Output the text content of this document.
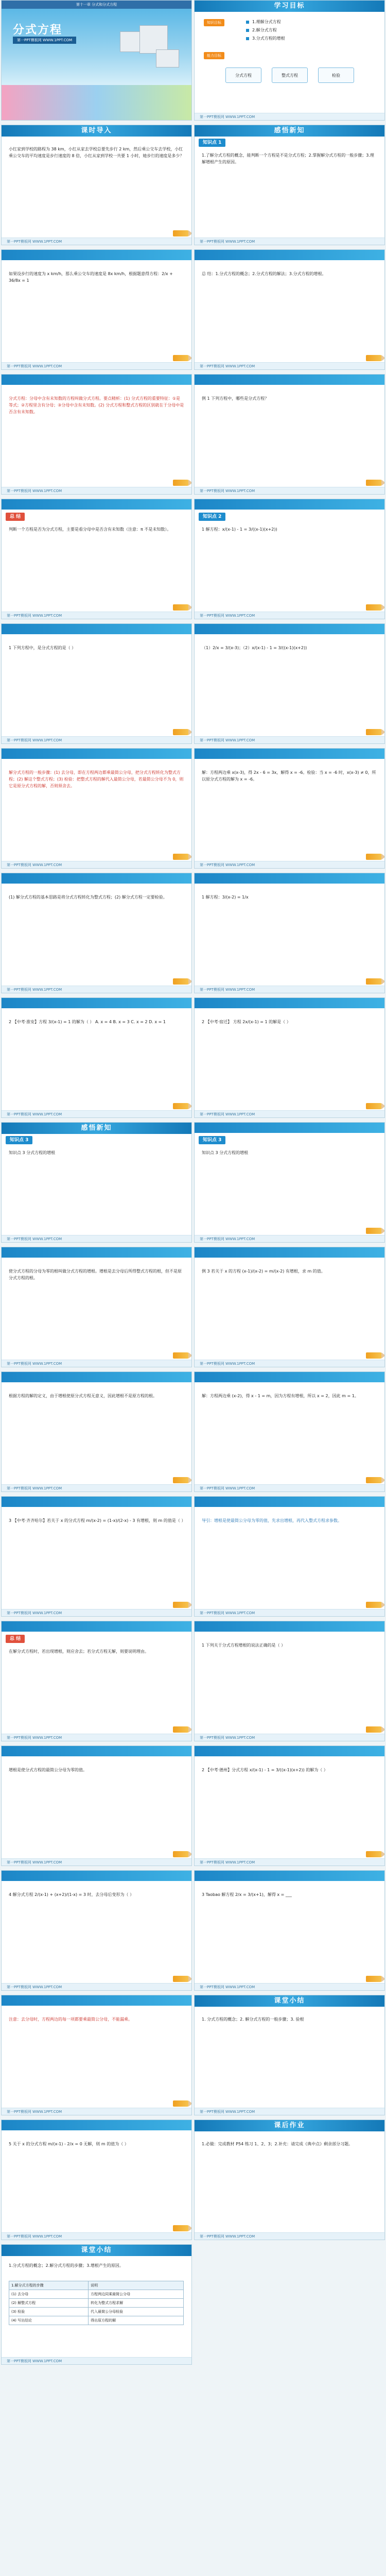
第十一章 分式和分式方程
分式方程
第一PPT模板网 WWW.1PPT.COM
课时导入
小红家到学校的路程为 38 km，小红从家去学校总要先步行 2 km，然后乘公交车去学校，小红乘公交车的平均速度是步行速度的 8 倍，小红从家到学校一共要 1 小时，她步行的速度是多少？
第一PPT模板网 WWW.1PPT.COM
如果设步行的速度为 x km/h，那么乘公交车的速度是 8x km/h，根据题意得方程：2/x + 36/8x = 1
第一PPT模板网 WWW.1PPT.COM
分式方程：分母中含有未知数的方程叫做分式方程。要点精析：(1) 分式方程的重要特征：①是等式；②方程里含有分母；③分母中含有未知数。(2) 分式方程和整式方程的区别就在于分母中是否含有未知数。
第一PPT模板网 WWW.1PPT.COM
总 结
判断一个方程是否为分式方程，主要是看分母中是否含有未知数（注意：π 不是未知数）。
第一PPT模板网 WWW.1PPT.COM
1 下列方程中，是分式方程的是（ ）
第一PPT模板网 WWW.1PPT.COM
解分式方程的一般步骤：(1) 去分母，即在方程两边都乘最简公分母，把分式方程转化为整式方程；(2) 解这个整式方程；(3) 检验：把整式方程的解代入最简公分母，若最简公分母不为 0，则它是原分式方程的解，否则须舍去。
第一PPT模板网 WWW.1PPT.COM
(1) 解分式方程的基本思路是将分式方程转化为整式方程；(2) 解分式方程一定要检验。
第一PPT模板网 WWW.1PPT.COM
2 【中考·淮安】方程 3/(x-1) = 1 的解为（ ） A. x = 4 B. x = 3 C. x = 2 D. x = 1
第一PPT模板网 WWW.1PPT.COM
感悟新知
知识点 3
知识点 3 分式方程的增根
第一PPT模板网 WWW.1PPT.COM
使分式方程的分母为零的根叫做分式方程的增根。增根是去分母后所得整式方程的根，但不是原分式方程的根。
第一PPT模板网 WWW.1PPT.COM
根据方程的解的定义，由于增根使原分式方程无意义，因此增根不是原方程的根。
第一PPT模板网 WWW.1PPT.COM
3 【中考·齐齐哈尔】若关于 x 的分式方程 m/(x-2) = (1-x)/(2-x) - 3 有增根，则 m 的值是（ ）
第一PPT模板网 WWW.1PPT.COM
总 结
在解分式方程时，若出现增根，则应舍去；若分式方程无解，则要说明理由。
第一PPT模板网 WWW.1PPT.COM
增根是使分式方程的最简公分母为零的值。
第一PPT模板网 WWW.1PPT.COM
4 解分式方程 2/(x-1) + (x+2)/(1-x) = 3 时，去分母后变形为（ ）
第一PPT模板网 WWW.1PPT.COM
注意：去分母时，方程两边的每一项都要乘最简公分母，不能漏乘。
第一PPT模板网 WWW.1PPT.COM
5 关于 x 的分式方程 m/(x-1) - 2/x = 0 无解，则 m 的值为（ ）
第一PPT模板网 WWW.1PPT.COM
课堂小结
1.分式方程的概念；2.解分式方程的步骤；3.增根产生的原因。
1.解分式方程的步骤	说明
(1) 去分母	方程两边同乘最简公分母
(2) 解整式方程	转化为整式方程求解
(3) 检验	代入最简公分母检验
(4) 写出结论	得出原方程的解
第一PPT模板网 WWW.1PPT.COM
学习目标
知识目标	1.理解分式方程
2.解分式方程
3.分式方程的增根
能力目标
分式方程	整式方程	检验
第一PPT模板网 WWW.1PPT.COM
感悟新知
知识点 1
1.了解分式方程的概念，能判断一个方程是不是分式方程；2.掌握解分式方程的一般步骤；3.理解增根产生的原因。
第一PPT模板网 WWW.1PPT.COM
总 结：1.分式方程的概念；2.分式方程的解法；3.分式方程的增根。
第一PPT模板网 WWW.1PPT.COM
例 1 下列方程中，哪些是分式方程？
第一PPT模板网 WWW.1PPT.COM
知识点 2
1 解方程：x/(x-1) - 1 = 3/((x-1)(x+2))
第一PPT模板网 WWW.1PPT.COM
（1）2/x = 3/(x-3)；（2）x/(x-1) - 1 = 3/((x-1)(x+2))
第一PPT模板网 WWW.1PPT.COM
解：方程两边乘 x(x-3)，得 2x - 6 = 3x，解得 x = -6。检验：当 x = -6 时，x(x-3) ≠ 0，所以原分式方程的解为 x = -6。
第一PPT模板网 WWW.1PPT.COM
1 解方程：3/(x-2) = 1/x
第一PPT模板网 WWW.1PPT.COM
2 【中考·宿迁】 方程 2x/(x-1) = 1 的解是（ ）
第一PPT模板网 WWW.1PPT.COM
知识点 3
知识点 3 分式方程的增根
第一PPT模板网 WWW.1PPT.COM
例 3 若关于 x 的方程 (x-1)/(x-2) = m/(x-2) 有增根，求 m 的值。
第一PPT模板网 WWW.1PPT.COM
解：方程两边乘 (x-2)，得 x - 1 = m，因为方程有增根，所以 x = 2，因此 m = 1。
第一PPT模板网 WWW.1PPT.COM
导引：增根是使最简公分母为零的值，先求出增根，再代入整式方程求参数。
第一PPT模板网 WWW.1PPT.COM
1 下列关于分式方程增根的说法正确的是（ ）
第一PPT模板网 WWW.1PPT.COM
2 【中考·德州】分式方程 x/(x-1) - 1 = 3/((x-1)(x+2)) 的解为（ ）
第一PPT模板网 WWW.1PPT.COM
3 Taobao 解方程 2/x = 3/(x+1)，解得 x = ___
第一PPT模板网 WWW.1PPT.COM
课堂小结
1. 分式方程的概念；2. 解分式方程的一般步骤；3. 验根
第一PPT模板网 WWW.1PPT.COM
课后作业
1.必做：完成教材 P54 练习 1、2、3；2.补充：请完成《典中点》剩余部分习题。
第一PPT模板网 WWW.1PPT.COM
